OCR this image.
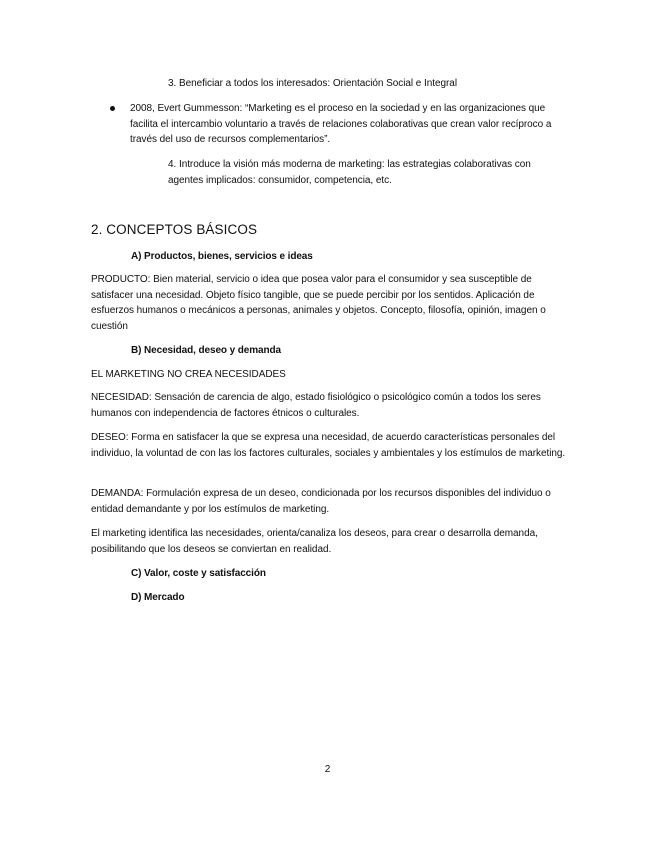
3. Beneficiar a todos los interesados: Orientación Social e Integral

2008, Evert Gummesson: “Marketing es el proceso en la sociedad y en las organizaciones que facilita el intercambio voluntario a través de relaciones colaborativas que crean valor recíproco a través del uso de recursos complementarios”.

4. Introduce la visión más moderna de marketing: las estrategias colaborativas con agentes implicados: consumidor, competencia, etc.

2. CONCEPTOS BÁSICOS

A) Productos, bienes, servicios e ideas

PRODUCTO: Bien material, servicio o idea que posea valor para el consumidor y sea susceptible de satisfacer una necesidad. Objeto físico tangible, que se puede percibir por los sentidos. Aplicación de esfuerzos humanos o mecánicos a personas, animales y objetos. Concepto, filosofía, opinión, imagen o cuestión

B) Necesidad, deseo y demanda

EL MARKETING NO CREA NECESIDADES

NECESIDAD: Sensación de carencia de algo, estado fisiológico o psicológico común a todos los seres humanos con independencia de factores étnicos o culturales.

DESEO: Forma en satisfacer la que se expresa una necesidad, de acuerdo características personales del individuo, la voluntad de con las los factores culturales, sociales y ambientales y los estímulos de marketing.

DEMANDA: Formulación expresa de un deseo, condicionada por los recursos disponibles del individuo o entidad demandante y por los estímulos de marketing.

El marketing identifica las necesidades, orienta/canaliza los deseos, para crear o desarrolla demanda, posibilitando que los deseos se conviertan en realidad.

C) Valor, coste y satisfacción

D) Mercado

2
